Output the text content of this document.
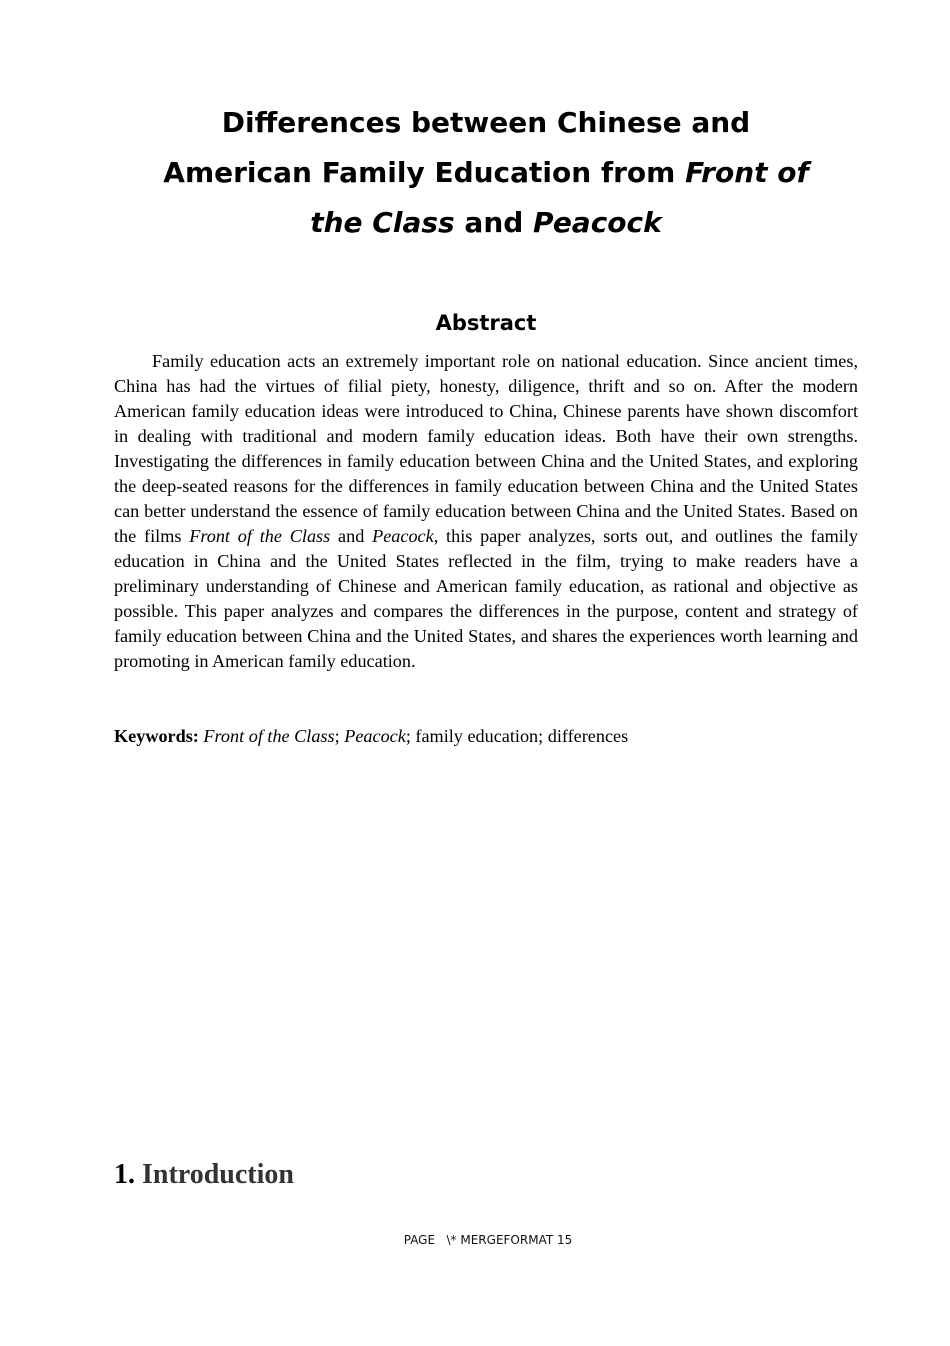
Differences between Chinese and American Family Education from Front of the Class and Peacock
Abstract

Family education acts an extremely important role on national education. Since ancient times, China has had the virtues of filial piety, honesty, diligence, thrift and so on. After the modern American family education ideas were introduced to China, Chinese parents have shown discomfort in dealing with traditional and modern family education ideas. Both have their own strengths. Investigating the differences in family education between China and the United States, and exploring the deep-seated reasons for the differences in family education between China and the United States can better understand the essence of family education between China and the United States. Based on the films Front of the Class and Peacock, this paper analyzes, sorts out, and outlines the family education in China and the United States reflected in the film, trying to make readers have a preliminary understanding of Chinese and American family education, as rational and objective as possible. This paper analyzes and compares the differences in the purpose, content and strategy of family education between China and the United States, and shares the experiences worth learning and promoting in American family education.

Keywords: Front of the Class; Peacock; family education; differences

1. Introduction
PAGE   \* MERGEFORMAT 15
